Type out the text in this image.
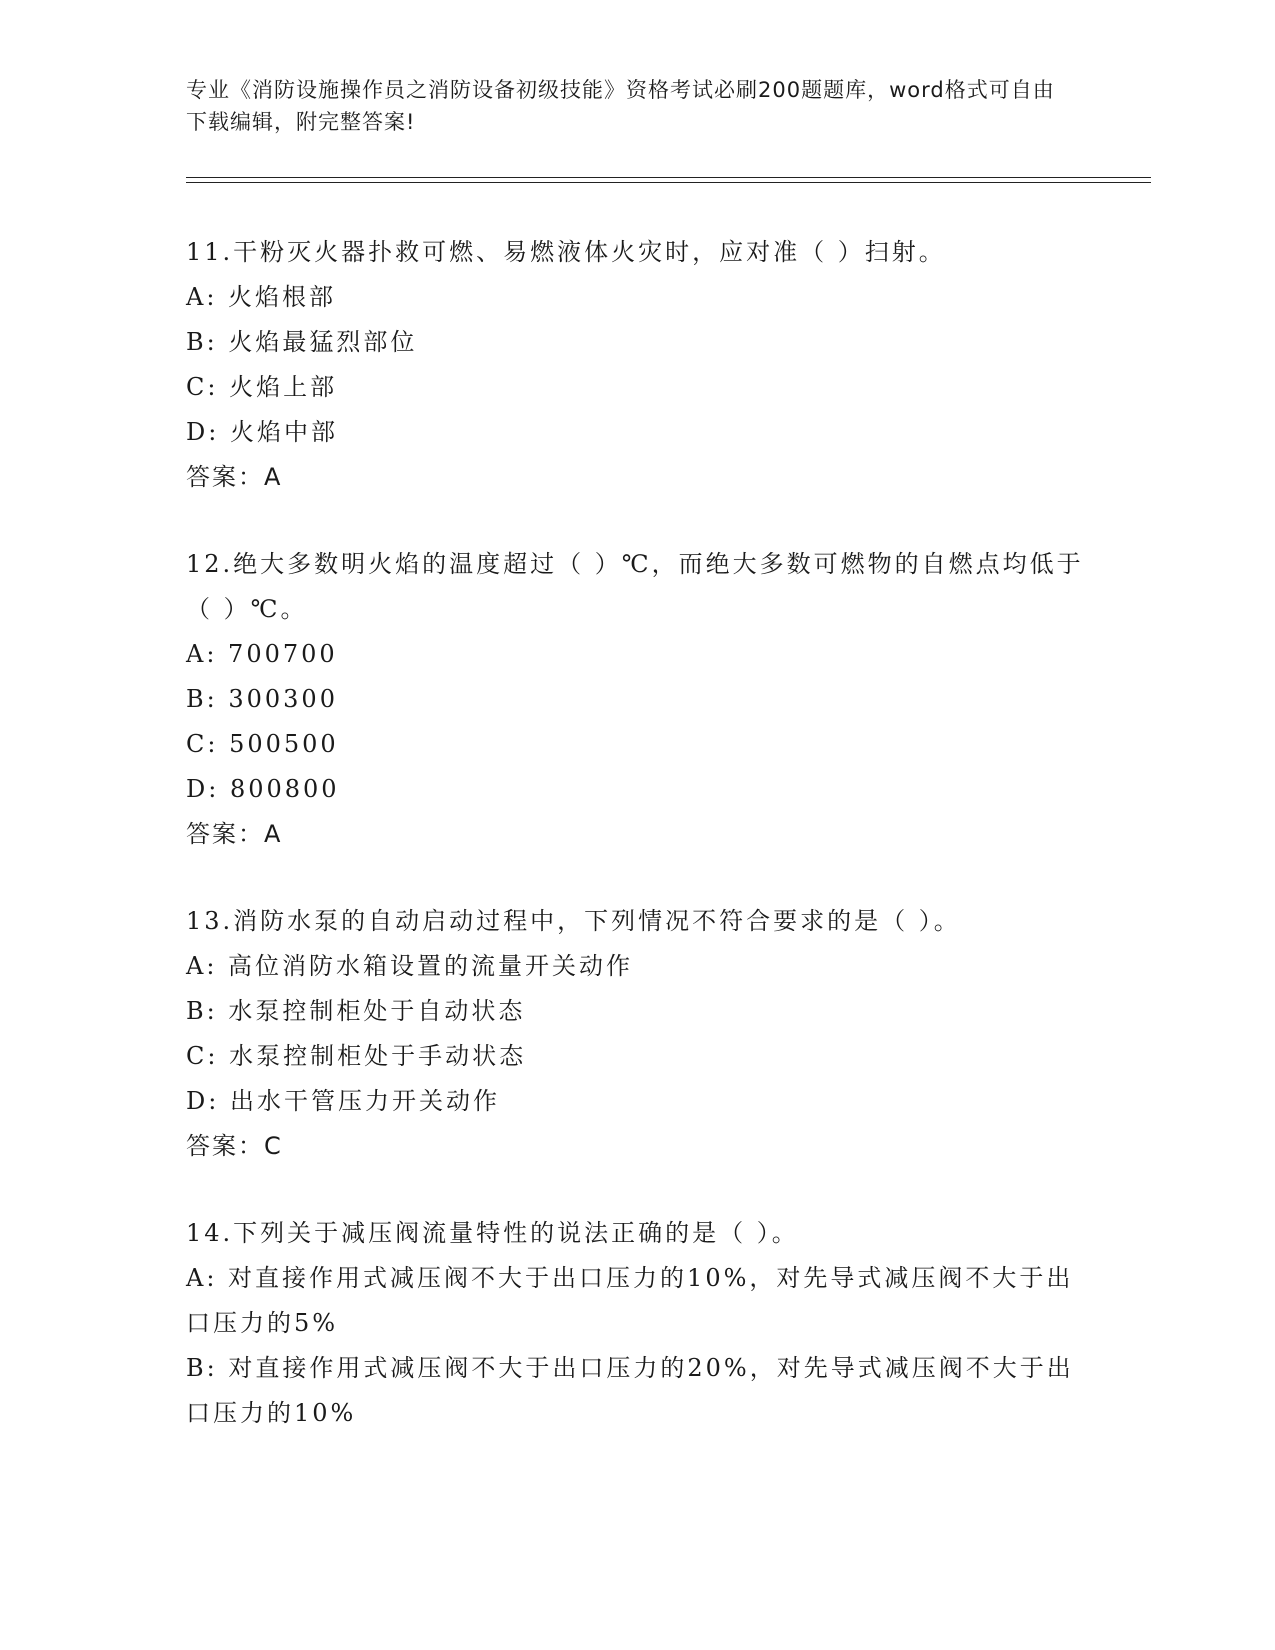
专业《消防设施操作员之消防设备初级技能》资格考试必刷200题题库，word格式可自由下载编辑，附完整答案!
11.干粉灭火器扑救可燃、易燃液体火灾时，应对准（ ）扫射。
A: 火焰根部
B: 火焰最猛烈部位
C: 火焰上部
D: 火焰中部
答案：A
12.绝大多数明火焰的温度超过（ ）℃，而绝大多数可燃物的自燃点均低于（ ）℃。
A: 700700
B: 300300
C: 500500
D: 800800
答案：A
13.消防水泵的自动启动过程中，下列情况不符合要求的是（ ）。
A: 高位消防水箱设置的流量开关动作
B: 水泵控制柜处于自动状态
C: 水泵控制柜处于手动状态
D: 出水干管压力开关动作
答案：C
14.下列关于减压阀流量特性的说法正确的是（ ）。
A: 对直接作用式减压阀不大于出口压力的10%，对先导式减压阀不大于出口压力的5%
B: 对直接作用式减压阀不大于出口压力的20%，对先导式减压阀不大于出口压力的10%
